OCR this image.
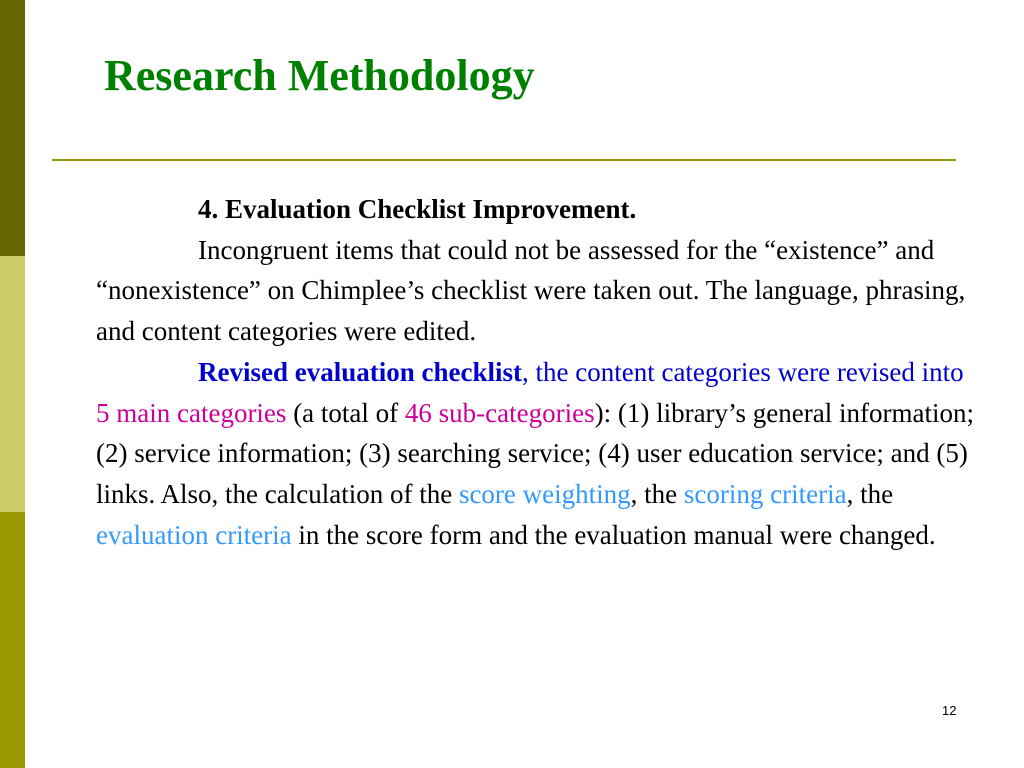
Research Methodology

4. Evaluation Checklist Improvement.

Incongruent items that could not be assessed for the “existence” and “nonexistence” on Chimplee’s checklist were taken out. The language, phrasing, and content categories were edited.

Revised evaluation checklist, the content categories were revised into 5 main categories (a total of 46 sub-categories): (1) library’s general information; (2) service information; (3) searching service; (4) user education service; and (5) links. Also, the calculation of the score weighting, the scoring criteria, the evaluation criteria in the score form and the evaluation manual were changed.

12
